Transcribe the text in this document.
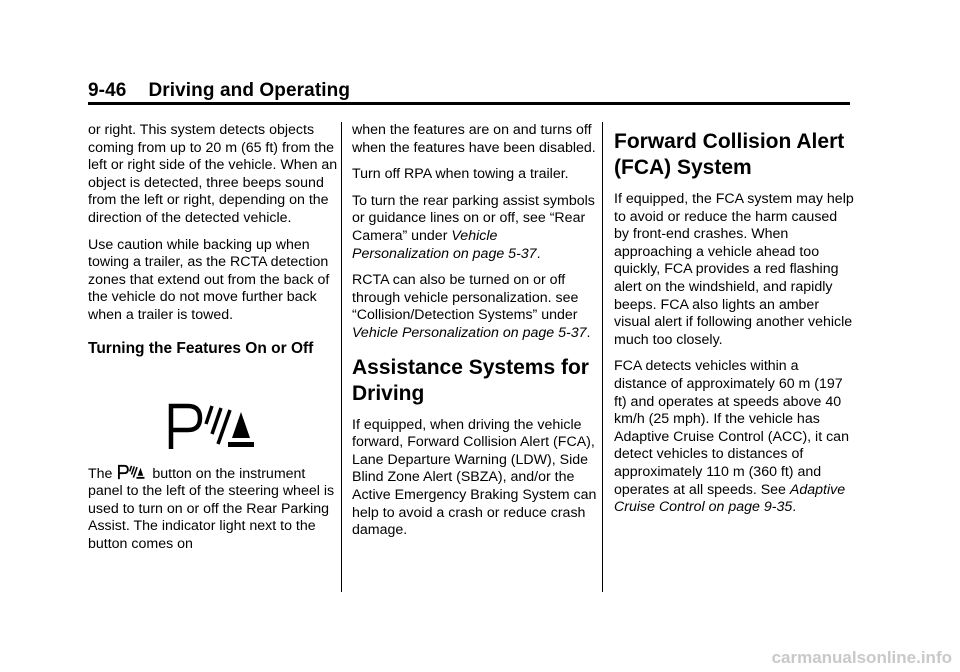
9-46 Driving and Operating

or right. This system detects objects coming from up to 20 m (65 ft) from the left or right side of the vehicle. When an object is detected, three beeps sound from the left or right, depending on the direction of the detected vehicle.

Use caution while backing up when towing a trailer, as the RCTA detection zones that extend out from the back of the vehicle do not move further back when a trailer is towed.

Turning the Features On or Off

The	button on the instrument panel to the left of the steering wheel is used to turn on or off the Rear Parking Assist. The indicator light next to the button comes on

when the features are on and turns off when the features have been disabled.

Turn off RPA when towing a trailer.

To turn the rear parking assist symbols or guidance lines on or off, see “Rear Camera” under Vehicle Personalization on page 5-37.

RCTA can also be turned on or off through vehicle personalization. see “Collision/Detection Systems” under Vehicle Personalization on page 5-37.

Assistance Systems for Driving

If equipped, when driving the vehicle forward, Forward Collision Alert (FCA), Lane Departure Warning (LDW), Side Blind Zone Alert (SBZA), and/or the Active Emergency Braking System can help to avoid a crash or reduce crash damage.

Forward Collision Alert (FCA) System

If equipped, the FCA system may help to avoid or reduce the harm caused by front-end crashes. When approaching a vehicle ahead too quickly, FCA provides a red flashing alert on the windshield, and rapidly beeps. FCA also lights an amber visual alert if following another vehicle much too closely.

FCA detects vehicles within a distance of approximately 60 m (197 ft) and operates at speeds above 40 km/h (25 mph). If the vehicle has Adaptive Cruise Control (ACC), it can detect vehicles to distances of approximately 110 m (360 ft) and operates at all speeds. See Adaptive Cruise Control on page 9-35.

carmanualsonline.info
